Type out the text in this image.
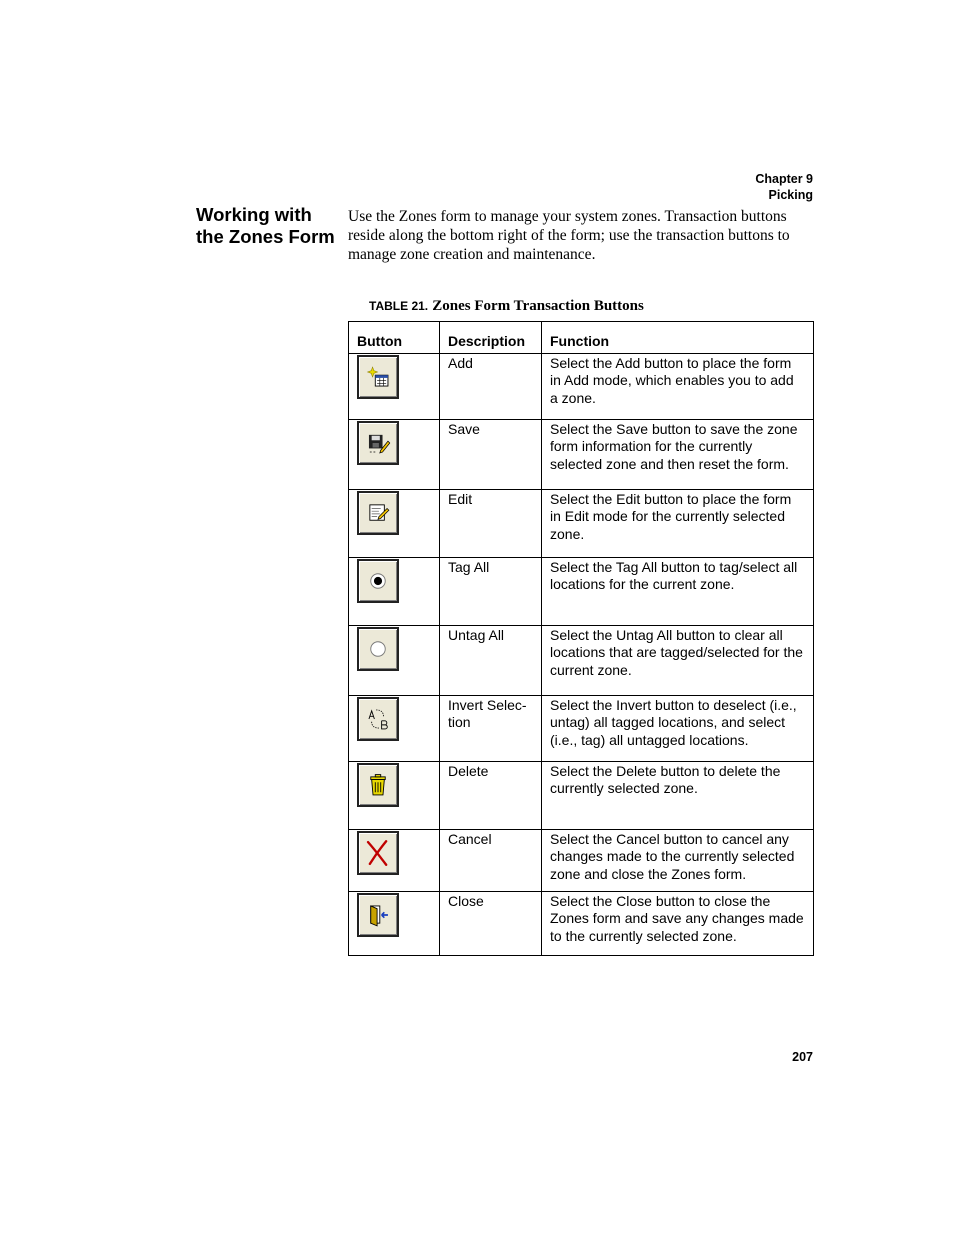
Chapter 9
Picking
Working with the Zones Form

Use the Zones form to manage your system zones. Transaction buttons reside along the bottom right of the form; use the transaction buttons to manage zone creation and maintenance.

TABLE 21. Zones Form Transaction Buttons
Button	Description	Function

	Add	Select the Add button to place the form in Add mode, which enables you to add a zone.

	Save	Select the Save button to save the zone form information for the currently selected zone and then reset the form.

	Edit	Select the Edit button to place the form in Edit mode for the currently selected zone.

	Tag All	Select the Tag All button to tag/select all locations for the current zone.

	Untag All	Select the Untag All button to clear all locations that are tagged/selected for the current zone.

	Invert Selec-tion	Select the Invert button to deselect (i.e., untag) all tagged locations, and select (i.e., tag) all untagged locations.

	Delete	Select the Delete button to delete the currently selected zone.

	Cancel	Select the Cancel button to cancel any changes made to the currently selected zone and close the Zones form.

	Close	Select the Close button to close the Zones form and save any changes made to the currently selected zone.
207
